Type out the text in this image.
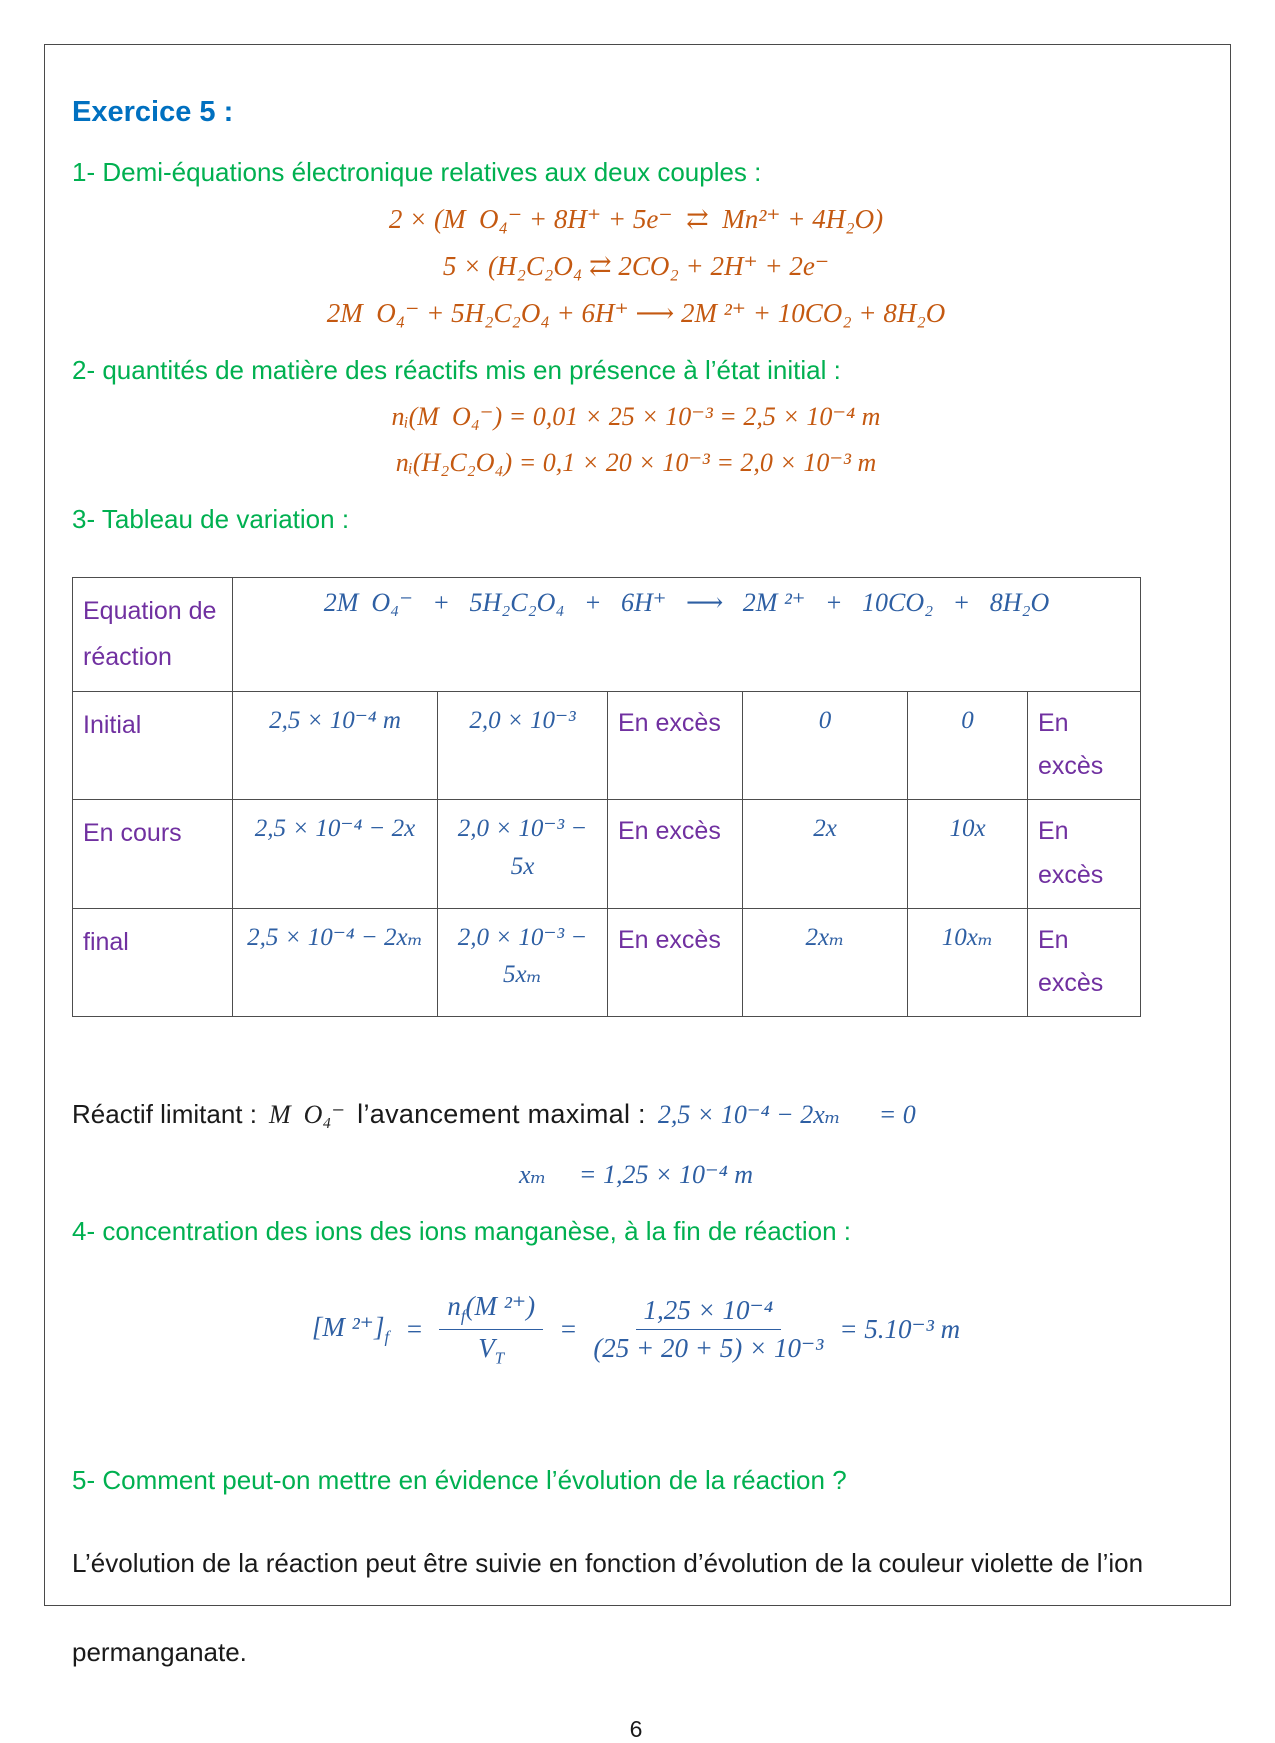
Exercice 5 :

1- Demi-équations électronique relatives aux deux couples :

2 × (M  O₄⁻ + 8H⁺ + 5e⁻  ⇄  Mn²⁺ + 4H₂O)
5 × (H₂C₂O₄ ⇄ 2CO₂ + 2H⁺ + 2e⁻
2M  O₄⁻ + 5H₂C₂O₄ + 6H⁺ ⟶ 2M ²⁺ + 10CO₂ + 8H₂O

2- quantités de matière des réactifs mis en présence à l’état initial :

nᵢ(M  O₄⁻) = 0,01 × 25 × 10⁻³ = 2,5 × 10⁻⁴ m
nᵢ(H₂C₂O₄) = 0,1 × 20 × 10⁻³ = 2,0 × 10⁻³ m

3- Tableau de variation :

Equation de réaction	2M  O₄⁻   +   5H₂C₂O₄   +   6H⁺   ⟶   2M ²⁺   +   10CO₂   +   8H₂O					
Initial	2,5 × 10⁻⁴ m	2,0 × 10⁻³	En excès	0	0	En excès
En cours	2,5 × 10⁻⁴ − 2x	2,0 × 10⁻³ − 5x	En excès	2x	10x	En excès
final	2,5 × 10⁻⁴ − 2xₘ	2,0 × 10⁻³ − 5xₘ	En excès	2xₘ	10xₘ	En excès

Réactif limitant : M  O₄⁻ l’avancement maximal : 2,5 × 10⁻⁴ − 2xₘ = 0

xₘ     = 1,25 × 10⁻⁴ m

4- concentration des ions des ions manganèse, à la fin de réaction :

[M $^{2+}]_f = \frac{n_f(M ^{2+})}{V_T} = \frac{\text{1,25 × 10⁻⁴}}{\text{(25 + 20 + 5) × 10⁻³}} = 5.10^{-3}$ m

5- Comment peut-on mettre en évidence l’évolution de la réaction ?

L’évolution de la réaction peut être suivie en fonction d’évolution de la couleur violette de l’ion

permanganate.

6
